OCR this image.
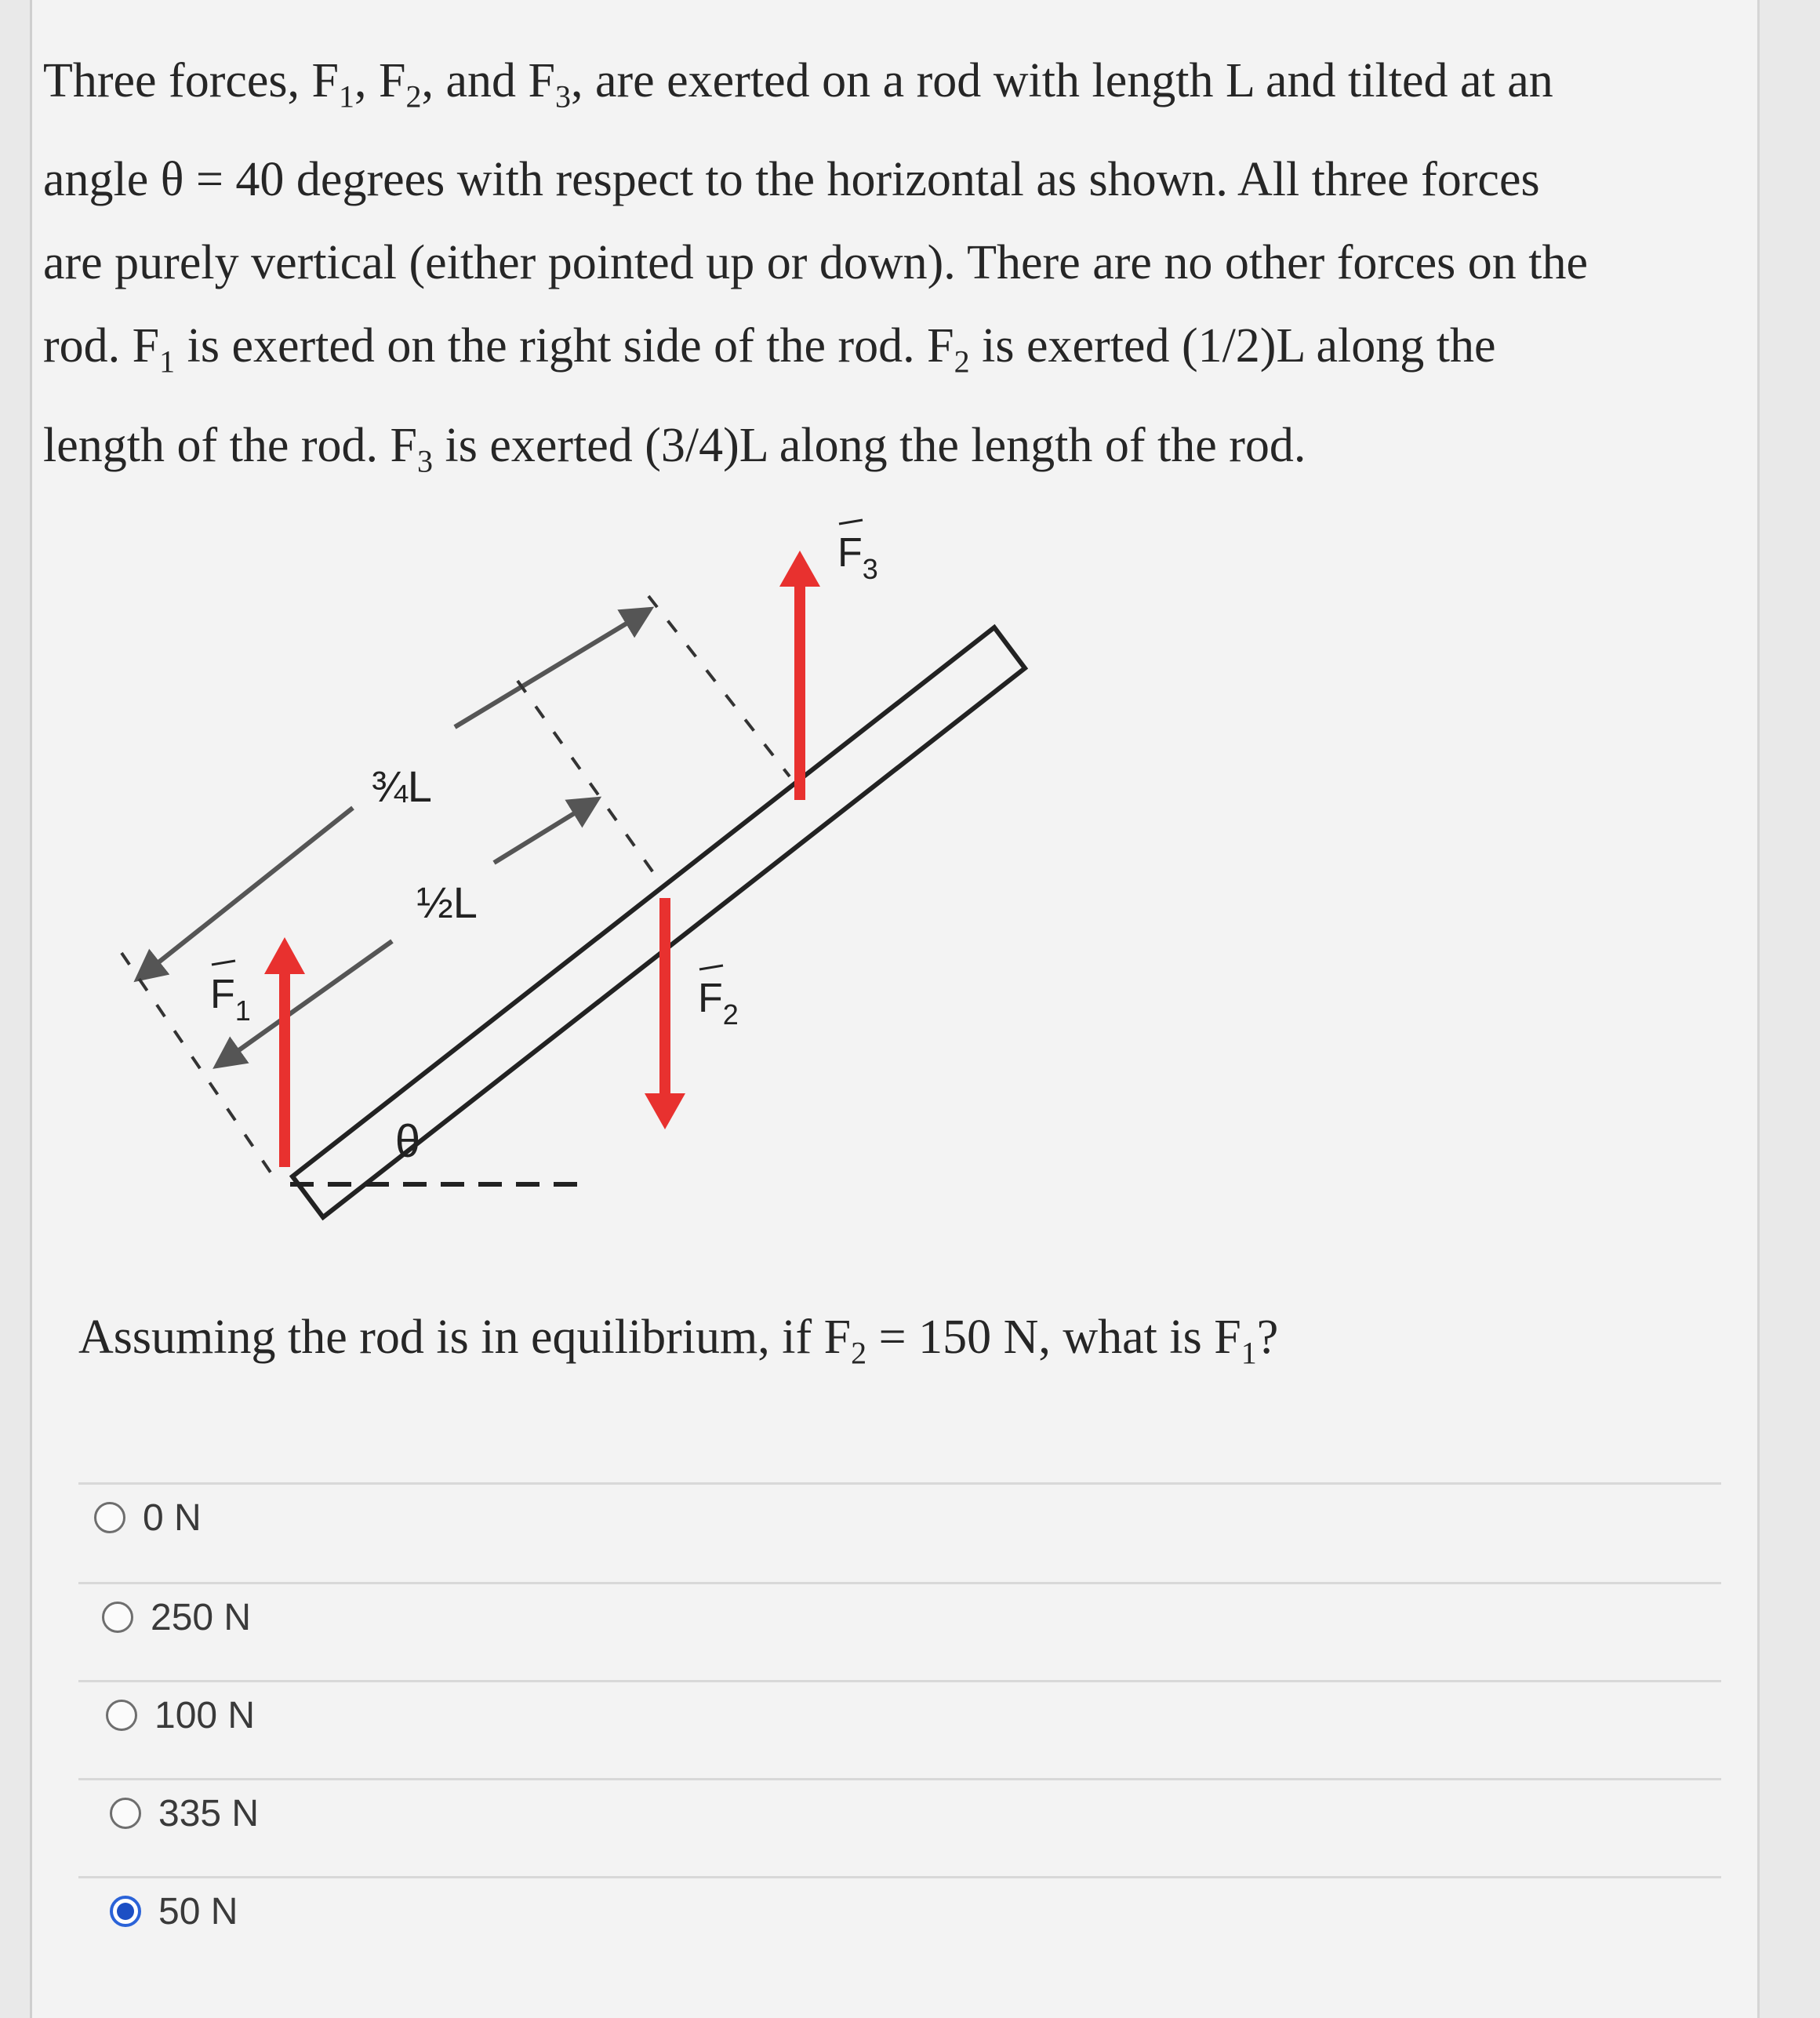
Three forces, $F_1$, $F_2$, and $F_3$, are exerted on a rod with length L and tilted at an
angle θ = 40 degrees with respect to the horizontal as shown. All three forces
are purely vertical (either pointed up or down). There are no other forces on the
rod. $F_1$ is exerted on the right side of the rod. $F_2$ is exerted (1/2)L along the
length of the rod. $F_3$ is exerted (3/4)L along the length of the rod.
θ
¾L
½L
$F_1$	$F_2$
$F_3$
Assuming the rod is in equilibrium, if $F_2 = 150$ N, what is $F_1$?
0 N
250 N
100 N
335 N
50 N
